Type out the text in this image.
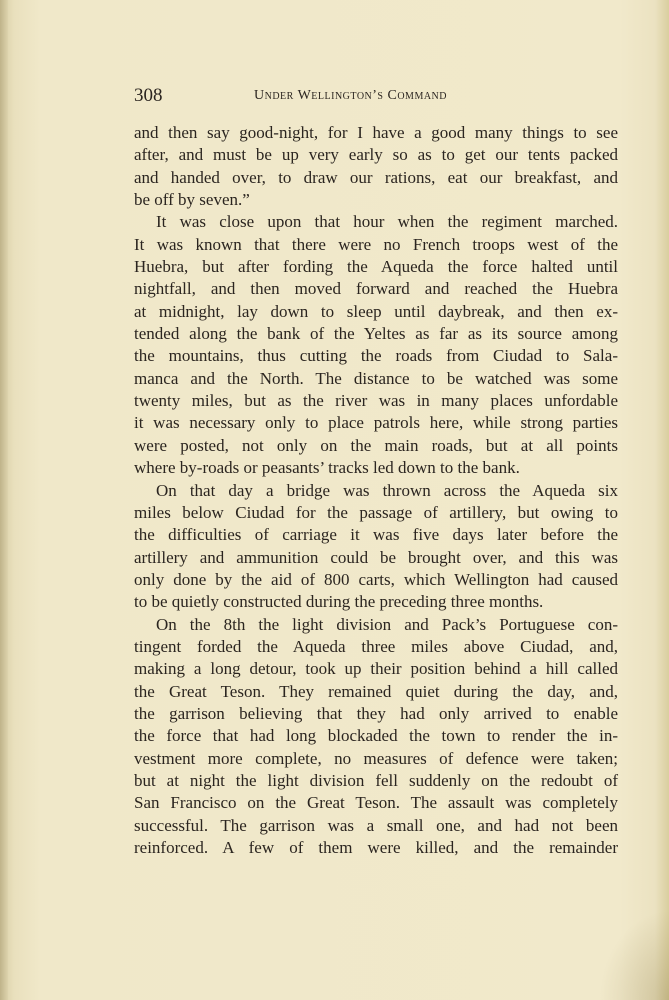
308	Under Wellington’s Command

and then say good-night, for I have a good many things to see
after, and must be up very early so as to get our tents packed
and handed over, to draw our rations, eat our breakfast, and
be off by seven.”

It was close upon that hour when the regiment marched.
It was known that there were no French troops west of the
Huebra, but after fording the Aqueda the force halted until
nightfall, and then moved forward and reached the Huebra
at midnight, lay down to sleep until daybreak, and then ex-
tended along the bank of the Yeltes as far as its source among
the mountains, thus cutting the roads from Ciudad to Sala-
manca and the North. The distance to be watched was some
twenty miles, but as the river was in many places unfordable
it was necessary only to place patrols here, while strong parties
were posted, not only on the main roads, but at all points
where by-roads or peasants’ tracks led down to the bank.

On that day a bridge was thrown across the Aqueda six
miles below Ciudad for the passage of artillery, but owing to
the difficulties of carriage it was five days later before the
artillery and ammunition could be brought over, and this was
only done by the aid of 800 carts, which Wellington had caused
to be quietly constructed during the preceding three months.

On the 8th the light division and Pack’s Portuguese con-
tingent forded the Aqueda three miles above Ciudad, and,
making a long detour, took up their position behind a hill called
the Great Teson. They remained quiet during the day, and,
the garrison believing that they had only arrived to enable
the force that had long blockaded the town to render the in-
vestment more complete, no measures of defence were taken;
but at night the light division fell suddenly on the redoubt of
San Francisco on the Great Teson. The assault was completely
successful. The garrison was a small one, and had not been
reinforced. A few of them were killed, and the remainder
